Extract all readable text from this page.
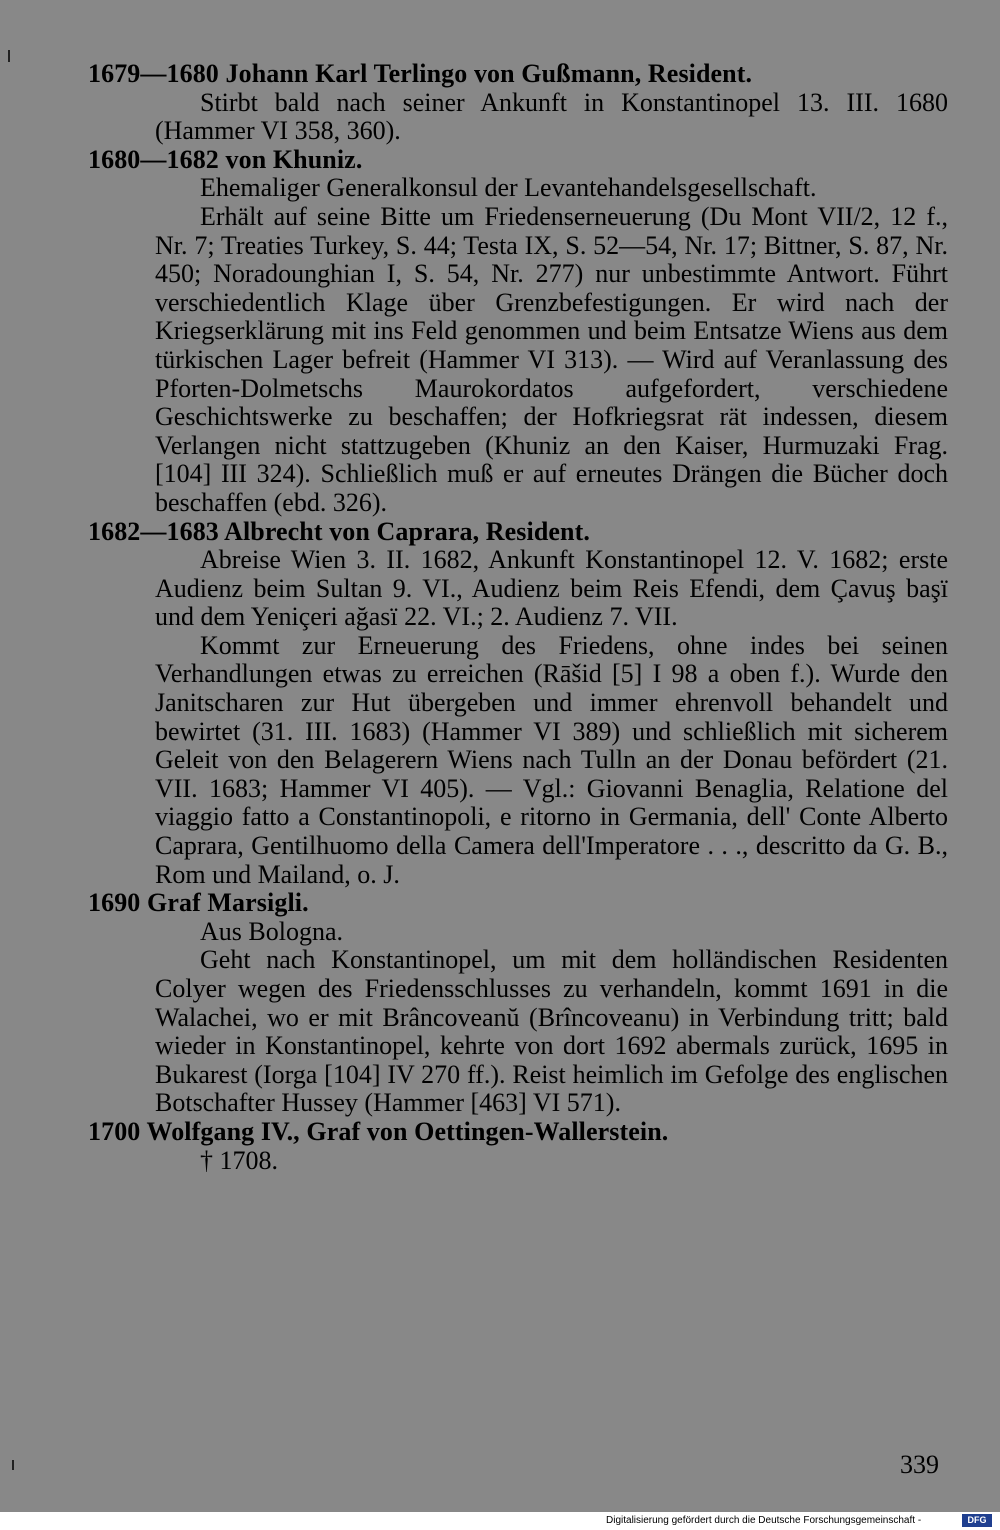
1679—1680 Johann Karl Terlingo von Gußmann, Resident.
Stirbt bald nach seiner Ankunft in Konstantinopel 13. III. 1680 (Hammer VI 358, 360).
1680—1682 von Khuniz.
Ehemaliger Generalkonsul der Levantehandelsgesellschaft.
Erhält auf seine Bitte um Friedenserneuerung (Du Mont VII/2, 12 f., Nr. 7; Treaties Turkey, S. 44; Testa IX, S. 52—54, Nr. 17; Bittner, S. 87, Nr. 450; Noradounghian I, S. 54, Nr. 277) nur unbestimmte Antwort. Führt verschiedentlich Klage über Grenzbefestigungen. Er wird nach der Kriegserklärung mit ins Feld genommen und beim Entsatze Wiens aus dem türkischen Lager befreit (Hammer VI 313). — Wird auf Veranlassung des Pforten-Dolmetschs Maurokordatos aufgefordert, verschiedene Geschichtswerke zu beschaffen; der Hofkriegsrat rät indessen, diesem Verlangen nicht stattzugeben (Khuniz an den Kaiser, Hurmuzaki Frag. [104] III 324). Schließlich muß er auf erneutes Drängen die Bücher doch beschaffen (ebd. 326).
1682—1683 Albrecht von Caprara, Resident.
Abreise Wien 3. II. 1682, Ankunft Konstantinopel 12. V. 1682; erste Audienz beim Sultan 9. VI., Audienz beim Reis Efendi, dem Çavuş başï und dem Yeniçeri ağasï 22. VI.; 2. Audienz 7. VII.
Kommt zur Erneuerung des Friedens, ohne indes bei seinen Verhandlungen etwas zu erreichen (Rāšid [5] I 98 a oben f.). Wurde den Janitscharen zur Hut übergeben und immer ehrenvoll behandelt und bewirtet (31. III. 1683) (Hammer VI 389) und schließlich mit sicherem Geleit von den Belagerern Wiens nach Tulln an der Donau befördert (21. VII. 1683; Hammer VI 405). — Vgl.: Giovanni Benaglia, Relatione del viaggio fatto a Constantinopoli, e ritorno in Germania, dell' Conte Alberto Caprara, Gentilhuomo della Camera dell'Imperatore . . ., descritto da G. B., Rom und Mailand, o. J.
1690 Graf Marsigli.
Aus Bologna.
Geht nach Konstantinopel, um mit dem holländischen Residenten Colyer wegen des Friedensschlusses zu verhandeln, kommt 1691 in die Walachei, wo er mit Brâncoveanŭ (Brîncoveanu) in Verbindung tritt; bald wieder in Konstantinopel, kehrte von dort 1692 abermals zurück, 1695 in Bukarest (Iorga [104] IV 270 ff.). Reist heimlich im Gefolge des englischen Botschafter Hussey (Hammer [463] VI 571).
1700 Wolfgang IV., Graf von Oettingen-Wallerstein.
† 1708.
339
Digitalisierung gefördert durch die Deutsche Forschungsgemeinschaft -	DFG
